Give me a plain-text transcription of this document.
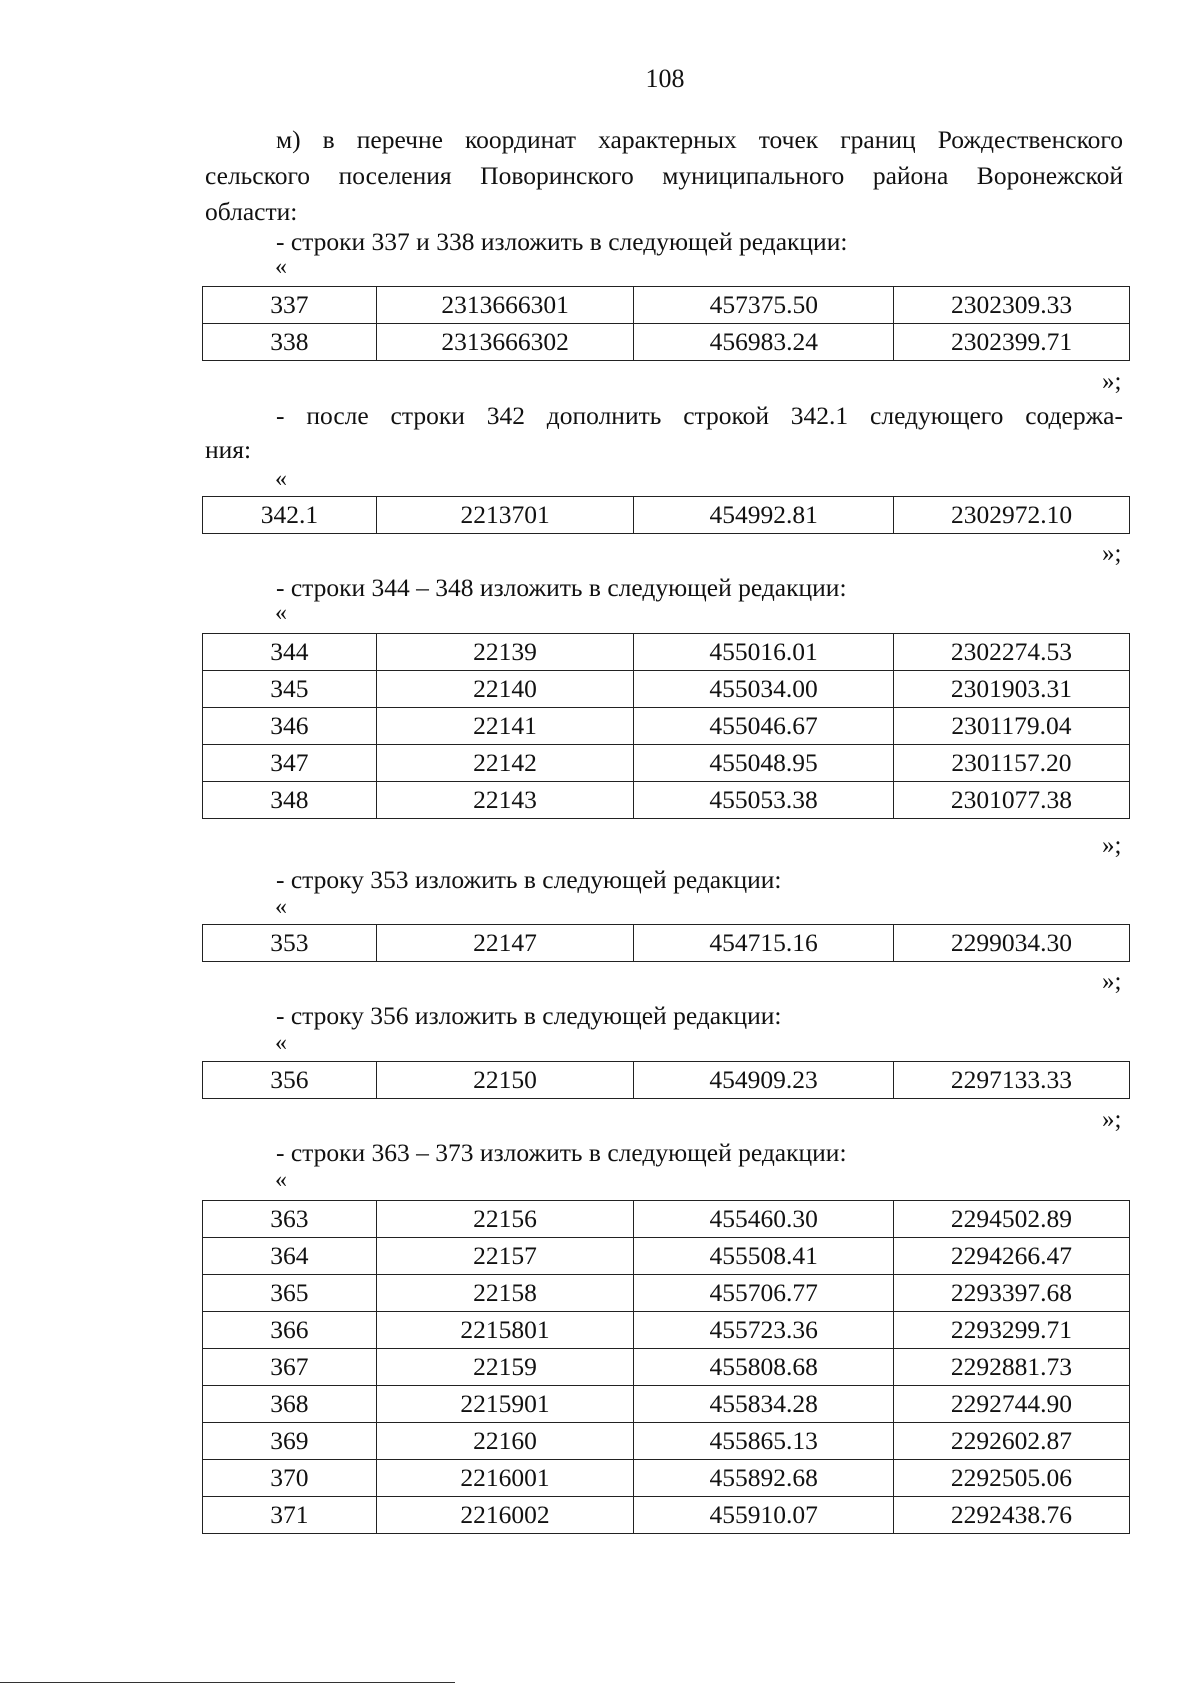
108
м) в перечне координат характерных точек границ Рождественского
сельского поселения Поворинского муниципального района Воронежской
области:
- строки 337 и 338 изложить в следующей редакции:
«
337	2313666301	457375.50	2302309.33
338	2313666302	456983.24	2302399.71
»;
- после строки 342 дополнить строкой 342.1 следующего содержа-
ния:
«
342.1	2213701	454992.81	2302972.10
»;
- строки 344 – 348 изложить в следующей редакции:
«
344	22139	455016.01	2302274.53
345	22140	455034.00	2301903.31
346	22141	455046.67	2301179.04
347	22142	455048.95	2301157.20
348	22143	455053.38	2301077.38
»;
- строку 353 изложить в следующей редакции:
«
353	22147	454715.16	2299034.30
»;
- строку 356 изложить в следующей редакции:
«
356	22150	454909.23	2297133.33
»;
- строки 363 – 373 изложить в следующей редакции:
«
363	22156	455460.30	2294502.89
364	22157	455508.41	2294266.47
365	22158	455706.77	2293397.68
366	2215801	455723.36	2293299.71
367	22159	455808.68	2292881.73
368	2215901	455834.28	2292744.90
369	22160	455865.13	2292602.87
370	2216001	455892.68	2292505.06
371	2216002	455910.07	2292438.76
